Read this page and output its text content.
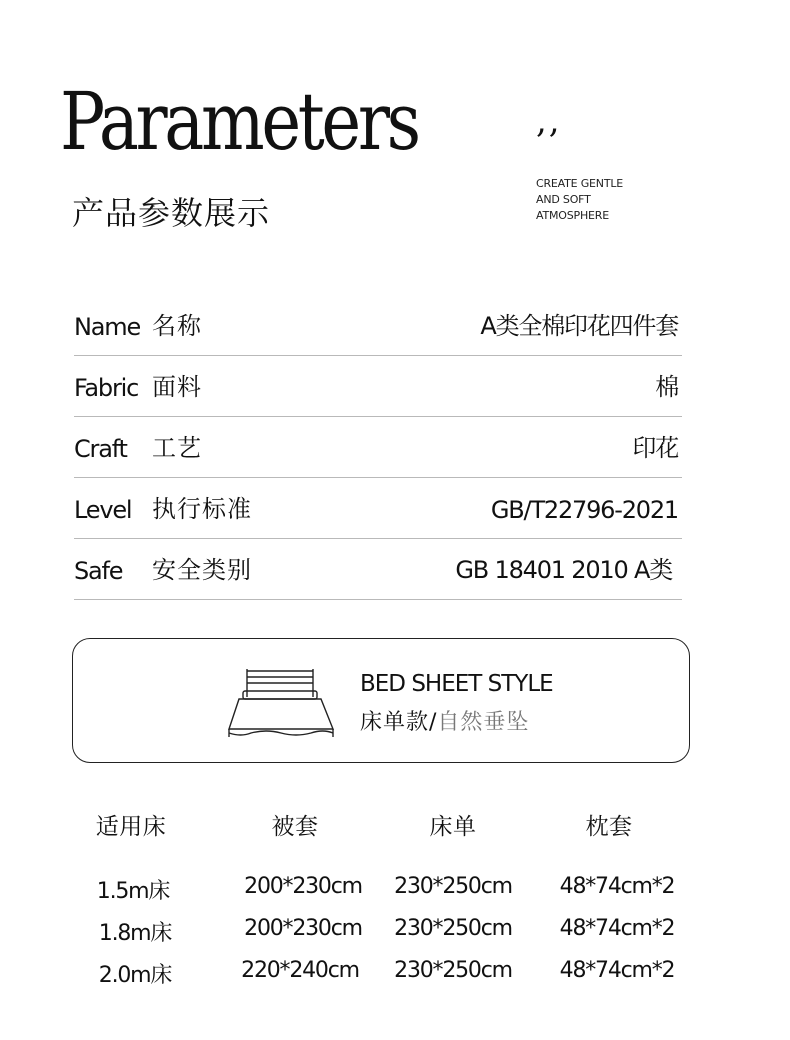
Parameters
产品参数展示
,,
CREATE GENTLE
AND SOFT
ATMOSPHERE
Name 名称	A类全棉印花四件套
Fabric 面料	棉
Craft 工艺	印花
Level 执行标准	GB/T22796-2021
Safe 安全类别	GB 18401 2010 A类
BED SHEET STYLE
床单款/自然垂坠
适用床	被套	床单	枕套
1.5m床	200*230cm	230*250cm	48*74cm*2
1.8m床	200*230cm	230*250cm	48*74cm*2
2.0m床	220*240cm	230*250cm	48*74cm*2
